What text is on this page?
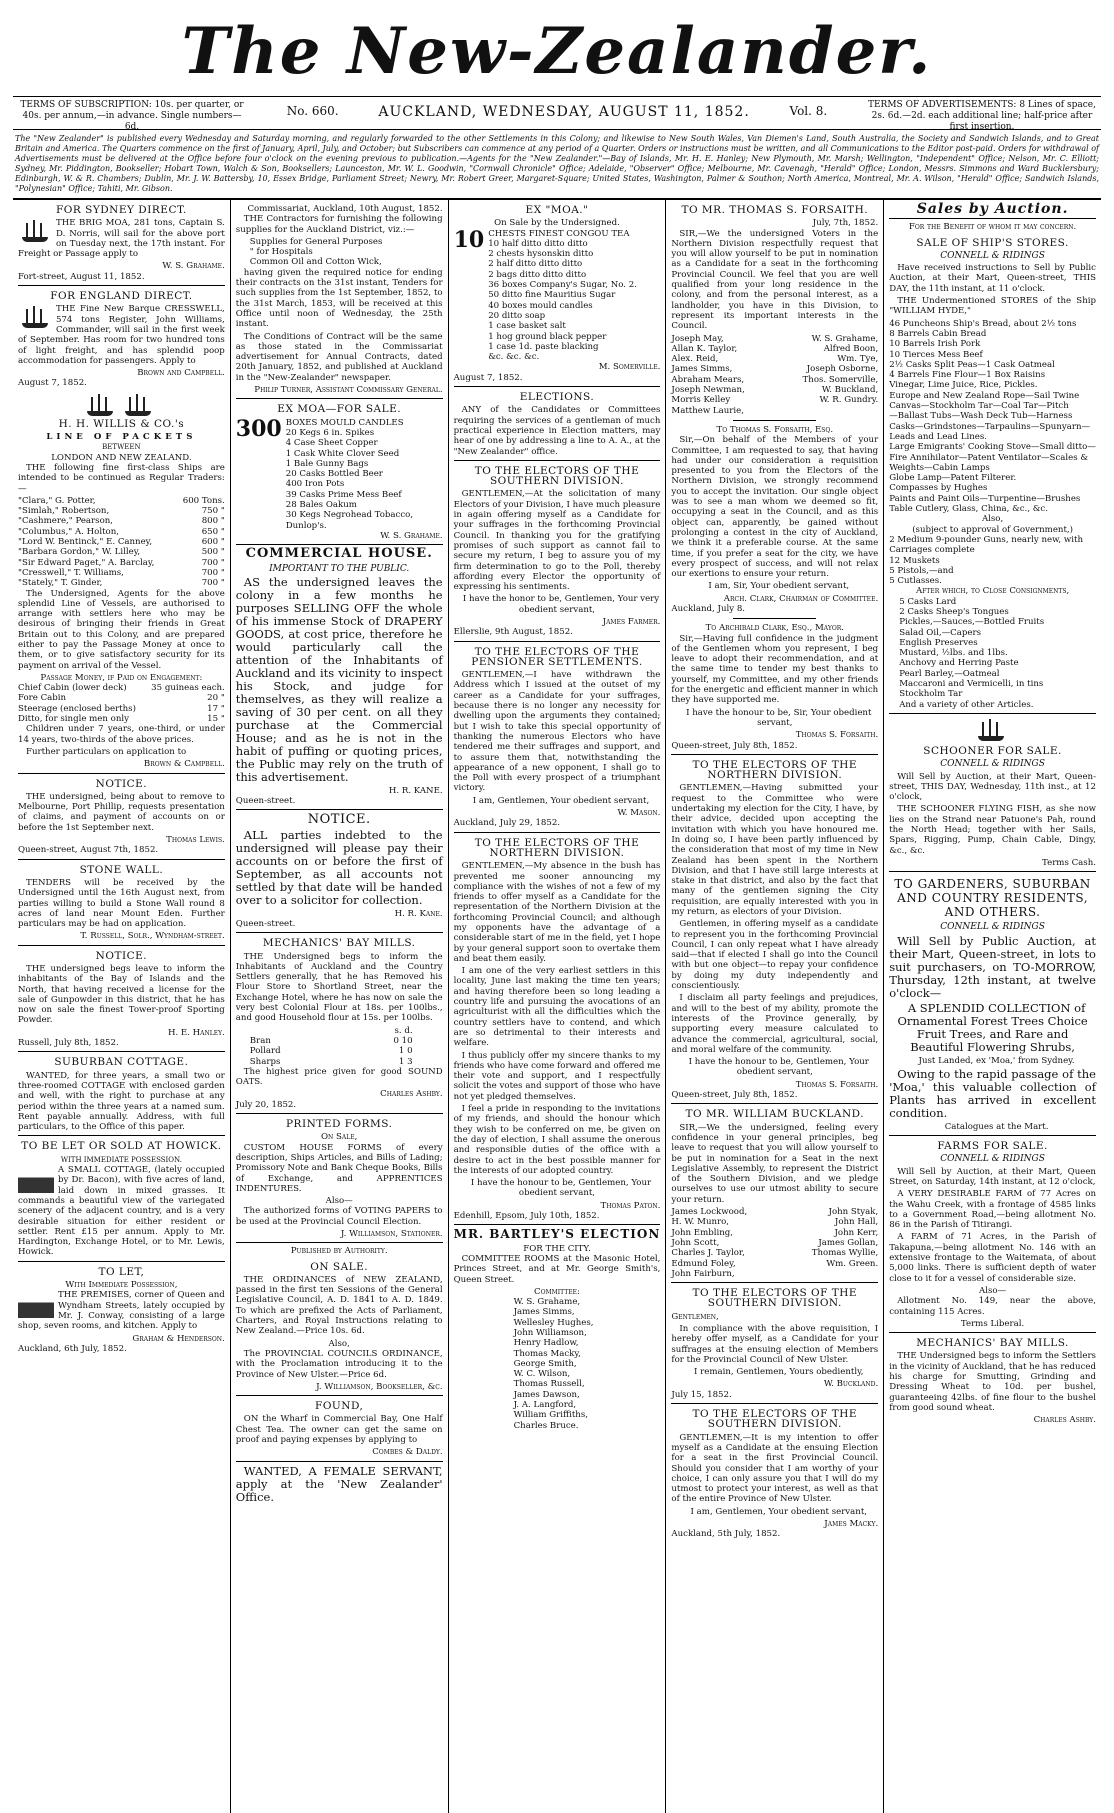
The New-Zealander.
TERMS OF SUBSCRIPTION: 10s. per quarter, or 40s. per annum,—in advance. Single numbers—6d.
No. 660.	AUCKLAND, WEDNESDAY, AUGUST 11, 1852.	Vol. 8.	TERMS OF ADVERTISEMENTS: 8 Lines of space, 2s. 6d.—2d. each additional line; half-price after first insertion.
The "New Zealander" is published every Wednesday and Saturday morning, and regularly forwarded to the other Settlements in this Colony; and likewise to New South Wales, Van Diemen's Land, South Australia, the Society and Sandwich Islands, and to Great Britain and America. The Quarters commence on the first of January, April, July, and October; but Subscribers can commence at any period of a Quarter. Orders or instructions must be written, and all Communications to the Editor post-paid. Orders for withdrawal of Advertisements must be delivered at the Office before four o'clock on the evening previous to publication.—Agents for the "New Zealander."—Bay of Islands, Mr. H. E. Hanley; New Plymouth, Mr. Marsh; Wellington, "Independent" Office; Nelson, Mr. C. Elliott; Sydney, Mr. Piddington, Bookseller; Hobart Town, Walch & Son, Booksellers; Launceston, Mr. W. L. Goodwin, "Cornwall Chronicle" Office; Adelaide, "Observer" Office; Melbourne, Mr. Cavenagh, "Herald" Office; London, Messrs. Simmons and Ward Bucklersbury; Edinburgh, W. & R. Chambers; Dublin, Mr. J. W. Battersby, 10, Essex Bridge, Parliament Street; Newry, Mr. Robert Greer, Margaret-Square; United States, Washington, Palmer & Southon; North America, Montreal, Mr. A. Wilson, "Herald" Office; Sandwich Islands, "Polynesian" Office; Tahiti, Mr. Gibson.
FOR SYDNEY DIRECT.

THE BRIG MOA, 281 tons, Captain S. D. Norris, will sail for the above port on Tuesday next, the 17th instant. For Freight or Passage apply to

W. S. Grahame.
Fort-street, August 11, 1852.
FOR ENGLAND DIRECT.

THE Fine New Barque CRESSWELL, 574 tons Register, John Williams, Commander, will sail in the first week of September. Has room for two hundred tons of light freight, and has splendid poop accommodation for passengers. Apply to

Brown and Campbell.
August 7, 1852.
H. H. WILLIS & CO.'s
LINE OF PACKETS
BETWEEN
LONDON AND NEW ZEALAND.

THE following fine first-class Ships are intended to be continued as Regular Traders:—

"Clara," G. Potter,	600 Tons.
"Simlah," Robertson,	750 "
"Cashmere," Pearson,	800 "
"Columbus," A. Holton,	650 "
"Lord W. Bentinck," E. Canney,	600 "
"Barbara Gordon," W. Lilley,	500 "
"Sir Edward Paget," A. Barclay,	700 "
"Cresswell," T. Williams,	700 "
"Stately," T. Ginder,	700 "

The Undersigned, Agents for the above splendid Line of Vessels, are authorised to arrange with settlers here who may be desirous of bringing their friends in Great Britain out to this Colony, and are prepared either to pay the Passage Money at once to them, or to give satisfactory security for its payment on arrival of the Vessel.

Passage Money, if Paid on Engagement:
Chief Cabin (lower deck)	35 guineas each.
Fore Cabin	20 "
Steerage (enclosed berths)	17 "
Ditto, for single men only	15 "

Children under 7 years, one-third, or under 14 years, two-thirds of the above prices.

Further particulars on application to

Brown & Campbell.
NOTICE.

THE undersigned, being about to remove to Melbourne, Port Phillip, requests presentation of claims, and payment of accounts on or before the 1st September next.

Thomas Lewis.
Queen-street, August 7th, 1852.
STONE WALL.

TENDERS will be received by the Undersigned until the 16th August next, from parties willing to build a Stone Wall round 8 acres of land near Mount Eden. Further particulars may be had on application.

T. Russell, Solr., Wyndham-street.
NOTICE.

THE undersigned begs leave to inform the inhabitants of the Bay of Islands and the North, that having received a license for the sale of Gunpowder in this district, that he has now on sale the finest Tower-proof Sporting Powder.

H. E. Hanley.
Russell, July 8th, 1852.
SUBURBAN COTTAGE.

WANTED, for three years, a small two or three-roomed COTTAGE with enclosed garden and well, with the right to purchase at any period within the three years at a named sum. Rent payable annually. Address, with full particulars, to the Office of this paper.

TO BE LET OR SOLD AT HOWICK.
WITH IMMEDIATE POSSESSION.

A SMALL COTTAGE, (lately occupied by Dr. Bacon), with five acres of land, laid down in mixed grasses. It commands a beautiful view of the variegated scenery of the adjacent country, and is a very desirable situation for either resident or settler. Rent £15 per annum. Apply to Mr. Hardington, Exchange Hotel, or to Mr. Lewis, Howick.

TO LET,
With Immediate Possession,

THE PREMISES, corner of Queen and Wyndham Streets, lately occupied by Mr. J. Conway, consisting of a large shop, seven rooms, and kitchen. Apply to

Graham & Henderson.
Auckland, 6th July, 1852.
Commissariat, Auckland, 10th August, 1852.

THE Contractors for furnishing the following supplies for the Auckland District, viz.:—

Supplies for General Purposes
" for Hospitals
Common Oil and Cotton Wick,

having given the required notice for ending their contracts on the 31st instant, Tenders for such supplies from the 1st September, 1852, to the 31st March, 1853, will be received at this Office until noon of Wednesday, the 25th instant.

The Conditions of Contract will be the same as those stated in the Commissariat advertisement for Annual Contracts, dated 20th January, 1852, and published at Auckland in the "New-Zealander" newspaper.

Philip Turner, Assistant Commissary General.
EX MOA—FOR SALE.
300 BOXES MOULD CANDLES
20 Kegs 6 in. Spikes
4 Case Sheet Copper
1 Cask White Clover Seed
1 Bale Gunny Bags
20 Casks Bottled Beer
400 Iron Pots
39 Casks Prime Mess Beef
28 Bales Oakum
30 Kegs Negrohead Tobacco, Dunlop's.
W. S. Grahame.
COMMERCIAL HOUSE.
IMPORTANT TO THE PUBLIC.

AS the undersigned leaves the colony in a few months he purposes SELLING OFF the whole of his immense Stock of DRAPERY GOODS, at cost price, therefore he would particularly call the attention of the Inhabitants of Auckland and its vicinity to inspect his Stock, and judge for themselves, as they will realize a saving of 30 per cent. on all they purchase at the Commercial House; and as he is not in the habit of puffing or quoting prices, the Public may rely on the truth of this advertisement.

H. R. KANE.
Queen-street.
NOTICE.

ALL parties indebted to the undersigned will please pay their accounts on or before the first of September, as all accounts not settled by that date will be handed over to a solicitor for collection.

H. R. Kane.
Queen-street.
MECHANICS' BAY MILLS.

THE Undersigned begs to inform the Inhabitants of Auckland and the Country Settlers generally, that he has Removed his Flour Store to Shortland Street, near the Exchange Hotel, where he has now on sale the very best Colonial Flour at 18s. per 100lbs., and good Household flour at 15s. per 100lbs.

s. d.
Bran	0 10
Pollard	1 0
Sharps	1 3

The highest price given for good SOUND OATS.

Charles Ashby.
July 20, 1852.
PRINTED FORMS.
On Sale,

CUSTOM HOUSE FORMS of every description, Ships Articles, and Bills of Lading; Promissory Note and Bank Cheque Books, Bills of Exchange, and APPRENTICES INDENTURES.

Also—

The authorized forms of VOTING PAPERS to be used at the Provincial Council Election.

J. Williamson, Stationer.
Published by Authority.
ON SALE.

THE ORDINANCES of NEW ZEALAND, passed in the first ten Sessions of the General Legislative Council, A. D. 1841 to A. D. 1849. To which are prefixed the Acts of Parliament, Charters, and Royal Instructions relating to New Zealand.—Price 10s. 6d.

Also,

The PROVINCIAL COUNCILS ORDINANCE, with the Proclamation introducing it to the Province of New Ulster.—Price 6d.

J. Williamson, Bookseller, &c.
FOUND,

ON the Wharf in Commercial Bay, One Half Chest Tea. The owner can get the same on proof and paying expenses by applying to

Combes & Daldy.

WANTED, A FEMALE SERVANT, apply at the 'New Zealander' Office.

EX "MOA."
On Sale by the Undersigned.
10 CHESTS FINEST CONGOU TEA
10 half ditto ditto ditto
2 chests hysonskin ditto
2 half ditto ditto ditto
2 bags ditto ditto ditto
36 boxes Company's Sugar, No. 2.
50 ditto fine Mauritius Sugar
40 boxes mould candles
20 ditto soap
1 case basket salt
1 hog ground black pepper
1 case 1d. paste blacking
&c. &c. &c.
M. Somerville.
August 7, 1852.
ELECTIONS.

ANY of the Candidates or Committees requiring the services of a gentleman of much practical experience in Election matters, may hear of one by addressing a line to A. A., at the "New Zealander" office.

TO THE ELECTORS OF THE SOUTHERN DIVISION.

GENTLEMEN,—At the solicitation of many Electors of your Division, I have much pleasure in again offering myself as a Candidate for your suffrages in the forthcoming Provincial Council. In thanking you for the gratifying promises of such support as cannot fail to secure my return, I beg to assure you of my firm determination to go to the Poll, thereby affording every Elector the opportunity of expressing his sentiments.

I have the honor to be, Gentlemen, Your very obedient servant,

James Farmer.
Ellerslie, 9th August, 1852.
TO THE ELECTORS OF THE PENSIONER SETTLEMENTS.

GENTLEMEN,—I have withdrawn the Address which I issued at the outset of my career as a Candidate for your suffrages, because there is no longer any necessity for dwelling upon the arguments they contained; but I wish to take this special opportunity of thanking the numerous Electors who have tendered me their suffrages and support, and to assure them that, notwithstanding the appearance of a new opponent, I shall go to the Poll with every prospect of a triumphant victory.

I am, Gentlemen, Your obedient servant,

W. Mason.
Auckland, July 29, 1852.
TO THE ELECTORS OF THE NORTHERN DIVISION.

GENTLEMEN,—My absence in the bush has prevented me sooner announcing my compliance with the wishes of not a few of my friends to offer myself as a Candidate for the representation of the Northern Division at the forthcoming Provincial Council; and although my opponents have the advantage of a considerable start of me in the field, yet I hope by your general support soon to overtake them and beat them easily.

I am one of the very earliest settlers in this locality, June last making the time ten years; and having therefore been so long leading a country life and pursuing the avocations of an agriculturist with all the difficulties which the country settlers have to contend, and which are so detrimental to their interests and welfare.

I thus publicly offer my sincere thanks to my friends who have come forward and offered me their vote and support, and I respectfully solicit the votes and support of those who have not yet pledged themselves.

I feel a pride in responding to the invitations of my friends, and should the honour which they wish to be conferred on me, be given on the day of election, I shall assume the onerous and responsible duties of the office with a desire to act in the best possible manner for the interests of our adopted country.

I have the honour to be, Gentlemen, Your obedient servant,

Thomas Paton.
Edenhill, Epsom, July 10th, 1852.
MR. BARTLEY'S ELECTION
FOR THE CITY.

COMMITTEE ROOMS at the Masonic Hotel, Princes Street, and at Mr. George Smith's, Queen Street.

Committee:
W. S. Grahame,
James Simms,
Wellesley Hughes,
John Williamson,
Henry Hadlow,
Thomas Macky,
George Smith,
W. C. Wilson,
Thomas Russell,
James Dawson,
J. A. Langford,
William Griffiths,
Charles Bruce.
TO MR. THOMAS S. FORSAITH.
July, 7th, 1852.

SIR,—We the undersigned Voters in the Northern Division respectfully request that you will allow yourself to be put in nomination as a Candidate for a seat in the forthcoming Provincial Council. We feel that you are well qualified from your long residence in the colony, and from the personal interest, as a landholder, you have in this Division, to represent its important interests in the Council.

Joseph May,	W. S. Grahame,
Allan K. Taylor,	Alfred Boon,
Alex. Reid,	Wm. Tye,
James Simms,	Joseph Osborne,
Abraham Mears,	Thos. Somerville,
Joseph Newman,	W. Buckland,
Morris Kelley	W. R. Gundry.
Matthew Laurie,
To Thomas S. Forsaith, Esq.

Sir,—On behalf of the Members of your Committee, I am requested to say, that having had under our consideration a requisition presented to you from the Electors of the Northern Division, we strongly recommend you to accept the invitation. Our single object was to see a man whom we deemed so fit, occupying a seat in the Council, and as this object can, apparently, be gained without prolonging a contest in the city of Auckland, we think it a preferable course. At the same time, if you prefer a seat for the city, we have every prospect of success, and will not relax our exertions to ensure your return.

I am, Sir, Your obedient servant,

Arch. Clark, Chairman of Committee.
Auckland, July 8.
To Archibald Clark, Esq., Mayor.

Sir,—Having full confidence in the judgment of the Gentlemen whom you represent, I beg leave to adopt their recommendation, and at the same time to tender my best thanks to yourself, my Committee, and my other friends for the energetic and efficient manner in which they have supported me.

I have the honour to be, Sir, Your obedient servant,

Thomas S. Forsaith.
Queen-street, July 8th, 1852.
TO THE ELECTORS OF THE NORTHERN DIVISION.

GENTLEMEN,—Having submitted your request to the Committee who were undertaking my election for the City, I have, by their advice, decided upon accepting the invitation with which you have honoured me. In doing so, I have been partly influenced by the consideration that most of my time in New Zealand has been spent in the Northern Division, and that I have still large interests at stake in that district, and also by the fact that many of the gentlemen signing the City requisition, are equally interested with you in my return, as electors of your Division.

Gentlemen, in offering myself as a candidate to represent you in the forthcoming Provincial Council, I can only repeat what I have already said—that if elected I shall go into the Council with but one object—to repay your confidence by doing my duty independently and conscientiously.

I disclaim all party feelings and prejudices, and will to the best of my ability, promote the interests of the Province generally, by supporting every measure calculated to advance the commercial, agricultural, social, and moral welfare of the community.

I have the honour to be, Gentlemen, Your obedient servant,

Thomas S. Forsaith.
Queen-street, July 8th, 1852.
TO MR. WILLIAM BUCKLAND.

SIR,—We the undersigned, feeling every confidence in your general principles, beg leave to request that you will allow yourself to be put in nomination for a Seat in the next Legislative Assembly, to represent the District of the Southern Division, and we pledge ourselves to use our utmost ability to secure your return.

James Lockwood,	John Styak,
H. W. Munro,	John Hall,
John Embling,	John Kerr,
John Scott,	James Gollan,
Charles J. Taylor,	Thomas Wyllie,
Edmund Foley,	Wm. Green.
John Fairburn,
TO THE ELECTORS OF THE SOUTHERN DIVISION.

Gentlemen,

In compliance with the above requisition, I hereby offer myself, as a Candidate for your suffrages at the ensuing election of Members for the Provincial Council of New Ulster.

I remain, Gentlemen, Yours obediently,

W. Buckland.
July 15, 1852.
TO THE ELECTORS OF THE SOUTHERN DIVISION.

GENTLEMEN,—It is my intention to offer myself as a Candidate at the ensuing Election for a seat in the first Provincial Council. Should you consider that I am worthy of your choice, I can only assure you that I will do my utmost to protect your interest, as well as that of the entire Province of New Ulster.

I am, Gentlemen, Your obedient servant,

James Macky.
Auckland, 5th July, 1852.
Sales by Auction.
For the Benefit of whom it may concern.
SALE OF SHIP'S STORES.
CONNELL & RIDINGS

Have received instructions to Sell by Public Auction, at their Mart, Queen-street, THIS DAY, the 11th instant, at 11 o'clock.

THE Undermentioned STORES of the Ship "WILLIAM HYDE,"

46 Puncheons Ship's Bread, about 2½ tons
8 Barrels Cabin Bread
10 Barrels Irish Pork
10 Tierces Mess Beef
2½ Casks Split Peas—1 Cask Oatmeal
4 Barrels Fine Flour—1 Box Raisins
Vinegar, Lime Juice, Rice, Pickles.
Europe and New Zealand Rope—Sail Twine
Canvas—Stockholm Tar—Coal Tar—Pitch
—Ballast Tubs—Wash Deck Tub—Harness Casks—Grindstones—Tarpaulins—Spunyarn—Leads and Lead Lines.
Large Emigrants' Cooking Stove—Small ditto—Fire Annihilator—Patent Ventilator—Scales & Weights—Cabin Lamps
Globe Lamp—Patent Filterer.
Compasses by Hughes
Paints and Paint Oils—Turpentine—Brushes
Table Cutlery, Glass, China, &c., &c.
Also,
(subject to approval of Government,)
2 Medium 9-pounder Guns, nearly new, with Carriages complete
12 Muskets
5 Pistols,—and
5 Cutlasses.
After which, to Close Consignments,
5 Casks Lard
2 Casks Sheep's Tongues
Pickles,—Sauces,—Bottled Fruits
Salad Oil,—Capers
English Preserves
Mustard, ½lbs. and 1lbs.
Anchovy and Herring Paste
Pearl Barley,—Oatmeal
Maccaroni and Vermicelli, in tins
Stockholm Tar
And a variety of other Articles.
SCHOONER FOR SALE.
CONNELL & RIDINGS

Will Sell by Auction, at their Mart, Queen-street, THIS DAY, Wednesday, 11th inst., at 12 o'clock,

THE SCHOONER FLYING FISH, as she now lies on the Strand near Patuone's Pah, round the North Head; together with her Sails, Spars, Rigging, Pump, Chain Cable, Dingy, &c., &c.

Terms Cash.
TO GARDENERS, SUBURBAN AND COUNTRY RESIDENTS, AND OTHERS.
CONNELL & RIDINGS

Will Sell by Public Auction, at their Mart, Queen-street, in lots to suit purchasers, on TO-MORROW, Thursday, 12th instant, at twelve o'clock—

A SPLENDID COLLECTION of Ornamental Forest Trees Choice Fruit Trees, and Rare and Beautiful Flowering Shrubs,

Just Landed, ex 'Moa,' from Sydney.

Owing to the rapid passage of the 'Moa,' this valuable collection of Plants has arrived in excellent condition.

Catalogues at the Mart.

FARMS FOR SALE.
CONNELL & RIDINGS

Will Sell by Auction, at their Mart, Queen Street, on Saturday, 14th instant, at 12 o'clock,

A VERY DESIRABLE FARM of 77 Acres on the Wahu Creek, with a frontage of 4585 links to a Government Road,—being allotment No. 86 in the Parish of Titirangi.

A FARM of 71 Acres, in the Parish of Takapuna,—being allotment No. 146 with an extensive frontage to the Waitemata, of about 5,000 links. There is sufficient depth of water close to it for a vessel of considerable size.

Also—

Allotment No. 149, near the above, containing 115 Acres.

Terms Liberal.
MECHANICS' BAY MILLS.

THE Undersigned begs to inform the Settlers in the vicinity of Auckland, that he has reduced his charge for Smutting, Grinding and Dressing Wheat to 10d. per bushel, guaranteeing 42lbs. of fine flour to the bushel from good sound wheat.

Charles Ashby.
